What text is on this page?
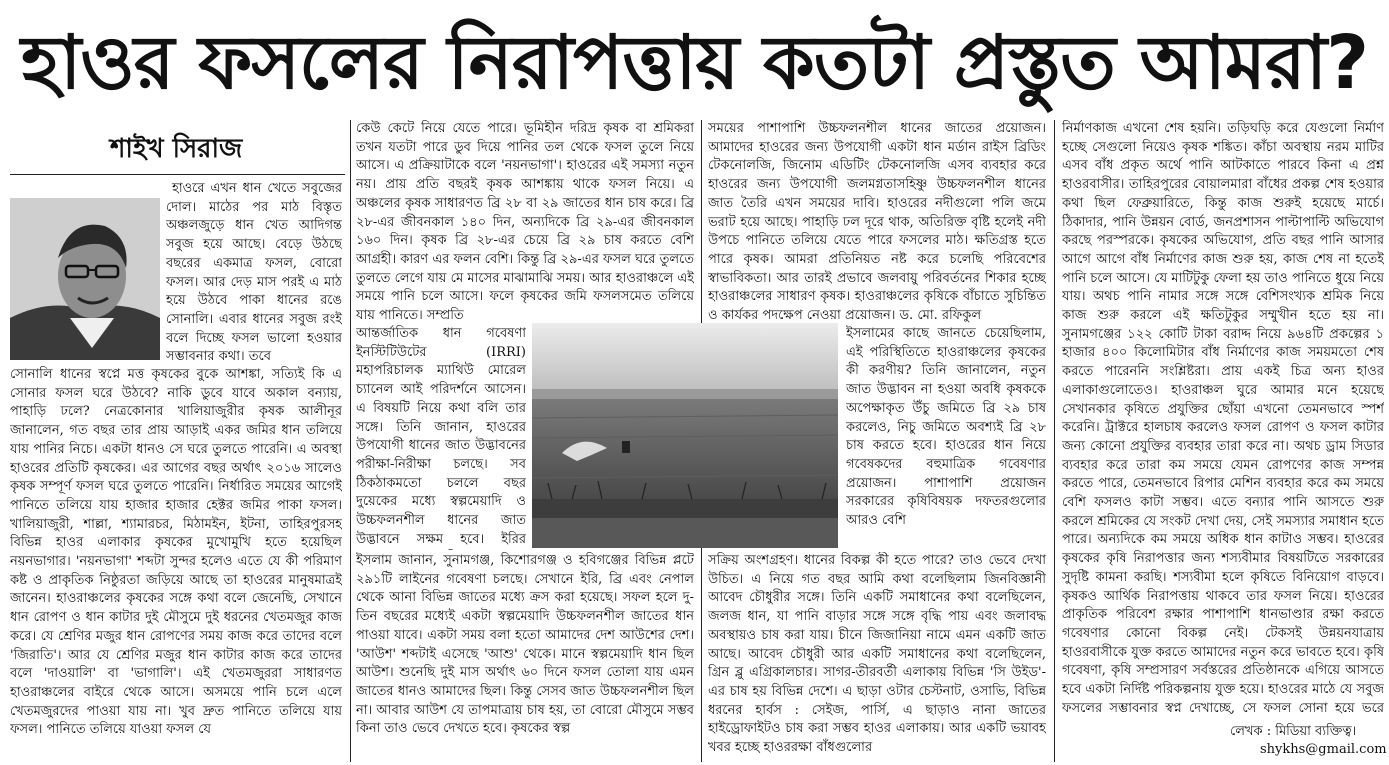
হাওর ফসলের নিরাপত্তায় কতটা প্রস্তুত আমরা?
শাইখ সিরাজ

হাওরে এখন ধান খেতে সবুজের দোল। মাঠের পর মাঠ বিস্তৃত অঞ্চলজুড়ে ধান খেত আদিগন্ত সবুজ হয়ে আছে। বেড়ে উঠছে বছরের একমাত্র ফসল, বোরো ফসল। আর দেড় মাস পরই এ মাঠ হয়ে উঠবে পাকা ধানের রঙে সোনালি। এবার ধানের সবুজ রংই বলে দিচ্ছে ফসল ভালো হওয়ার সম্ভাবনার কথা। তবে

সোনালি ধানের স্বপ্নে মত্ত কৃষকের বুকে আশঙ্কা, সত্যিই কি এ সোনার ফসল ঘরে উঠবে? নাকি ডুবে যাবে অকাল বন্যায়, পাহাড়ি ঢলে? নেত্রকোনার খালিয়াজুরীর কৃষক আলীনূর জানালেন, গত বছর তার প্রায় আড়াই একর জমির ধান তলিয়ে যায় পানির নিচে। একটা ধানও সে ঘরে তুলতে পারেনি। এ অবস্থা হাওরের প্রতিটি কৃষকের। এর আগের বছর অর্থাৎ ২০১৬ সালেও কৃষক সম্পূর্ণ ফসল ঘরে তুলতে পারেনি। নির্ধারিত সময়ের আগেই পানিতে তলিয়ে যায় হাজার হাজার হেক্টর জমির পাকা ফসল। খালিয়াজুরী, শাল্লা, শ্যামারচর, মিঠামইন, ইটনা, তাহিরপুরসহ বিভিন্ন হাওর এলাকার কৃষকের মুখোমুখি হতে হয়েছিল নয়নভাগার। 'নয়নভাগা' শব্দটা সুন্দর হলেও এতে যে কী পরিমাণ কষ্ট ও প্রাকৃতিক নিষ্ঠুরতা জড়িয়ে আছে তা হাওরের মানুষমাত্রই জানেন। হাওরাঞ্চলের কৃষকের সঙ্গে কথা বলে জেনেছি, সেখানে ধান রোপণ ও ধান কাটার দুই মৌসুমে দুই ধরনের খেতমজুর কাজ করে। যে শ্রেণির মজুর ধান রোপণের সময় কাজ করে তাদের বলে 'জিরাতি'। আর যে শ্রেণির মজুর ধান কাটার কাজ করে তাদের বলে 'দাওয়ালি' বা 'ভাগালি'। এই খেতমজুররা সাধারণত হাওরাঞ্চলের বাইরে থেকে আসে। অসময়ে পানি চলে এলে খেতমজুরদের পাওয়া যায় না। খুব দ্রুত পানিতে তলিয়ে যায় ফসল। পানিতে তলিয়ে যাওয়া ফসল যে

কেউ কেটে নিয়ে যেতে পারে। ভূমিহীন দরিদ্র কৃষক বা শ্রমিকরা তখন যতটা পারে ডুব দিয়ে পানির তল থেকে ফসল তুলে নিয়ে আসে। এ প্রক্রিয়াটাকে বলে 'নয়নভাগা'। হাওরের এই সমস্যা নতুন নয়। প্রায় প্রতি বছরই কৃষক আশঙ্কায় থাকে ফসল নিয়ে। এ অঞ্চলের কৃষক সাধারণত ব্রি ২৮ বা ২৯ জাতের ধান চাষ করে। ব্রি ২৮-এর জীবনকাল ১৪০ দিন, অন্যদিকে ব্রি ২৯-এর জীবনকাল ১৬০ দিন। কৃষক ব্রি ২৮-এর চেয়ে ব্রি ২৯ চাষ করতে বেশি আগ্রহী। কারণ এর ফলন বেশি। কিন্তু ব্রি ২৯-এর ফসল ঘরে তুলতে তুলতে লেগে যায় মে মাসের মাঝামাঝি সময়। আর হাওরাঞ্চলে এই সময়ে পানি চলে আসে। ফলে কৃষকের জমি ফসলসমেত তলিয়ে যায় পানিতে। সম্প্রতি

আন্তর্জাতিক ধান গবেষণা ইনস্টিটিউটের (IRRI) মহাপরিচালক ম্যাথিউ মোরেল চ্যানেল আই পরিদর্শনে আসেন। এ বিষয়টি নিয়ে কথা বলি তার সঙ্গে। তিনি জানান, হাওরের উপযোগী ধানের জাত উদ্ভাবনের পরীক্ষা-নিরীক্ষা চলছে। সব ঠিকঠাকমতো চললে বছর দুয়েকের মধ্যে স্বল্পমেয়াদি ও উচ্চফলনশীল ধানের জাত উদ্ভাবনে সক্ষম হবে। ইরির

ইসলাম জানান, সুনামগঞ্জ, কিশোরগঞ্জ ও হবিগঞ্জের বিভিন্ন প্লটে ২৯১টি লাইনের গবেষণা চলছে। সেখানে ইরি, ব্রি এবং নেপাল থেকে আনা বিভিন্ন জাতের মধ্যে ক্রস করা হয়েছে। সফল হলে দু-তিন বছরের মধ্যেই একটা স্বল্পমেয়াদি উচ্চফলনশীল জাতের ধান পাওয়া যাবে। একটা সময় বলা হতো আমাদের দেশ আউশের দেশ। 'আউশ' শব্দটাই এসেছে 'আশু' থেকে। মানে স্বল্পমেয়াদি ধান ছিল আউশ। শুনেছি দুই মাস অর্থাৎ ৬০ দিনে ফসল তোলা যায় এমন জাতের ধানও আমাদের ছিল। কিন্তু সেসব জাত উচ্চফলনশীল ছিল না। আবার আউশ যে তাপমাত্রায় চাষ হয়, তা বোরো মৌসুমে সম্ভব কিনা তাও ভেবে দেখতে হবে। কৃষকের স্বল্প

সময়ের পাশাপাশি উচ্চফলনশীল ধানের জাতের প্রয়োজন। আমাদের হাওরের জন্য উপযোগী একটা ধান মর্ডান রাইস ব্রিডিং টেকনোলজি, জিনোম এডিটিং টেকনোলজি এসব ব্যবহার করে হাওরের জন্য উপযোগী জলমগ্নতাসহিষ্ণু উচ্চফলনশীল ধানের জাত তৈরি এখন সময়ের দাবি। হাওরের নদীগুলো পলি জমে ভরাট হয়ে আছে। পাহাড়ি ঢল দূরে থাক, অতিরিক্ত বৃষ্টি হলেই নদী উপচে পানিতে তলিয়ে যেতে পারে ফসলের মাঠ। ক্ষতিগ্রস্ত হতে পারে কৃষক। আমরা প্রতিনিয়ত নষ্ট করে চলেছি পরিবেশের স্বাভাবিকতা। আর তারই প্রভাবে জলবায়ু পরিবর্তনের শিকার হচ্ছে হাওরাঞ্চলের সাধারণ কৃষক। হাওরাঞ্চলের কৃষিকে বাঁচাতে সুচিন্তিত ও কার্যকর পদক্ষেপ নেওয়া প্রয়োজন। ড. মো. রফিকুল

ইসলামের কাছে জানতে চেয়েছিলাম, এই পরিস্থিতিতে হাওরাঞ্চলের কৃষকের কী করণীয়? তিনি জানালেন, নতুন জাত উদ্ভাবন না হওয়া অবধি কৃষককে অপেক্ষাকৃত উঁচু জমিতে ব্রি ২৯ চাষ করলেও, নিচু জমিতে অবশ্যই ব্রি ২৮ চাষ করতে হবে। হাওরের ধান নিয়ে গবেষকদের বহুমাত্রিক গবেষণার প্রয়োজন। পাশাপাশি প্রয়োজন সরকারের কৃষিবিষয়ক দফতরগুলোর আরও বেশি

সক্রিয় অংশগ্রহণ। ধানের বিকল্প কী হতে পারে? তাও ভেবে দেখা উচিত। এ নিয়ে গত বছর আমি কথা বলেছিলাম জিনবিজ্ঞানী আবেদ চৌধুরীর সঙ্গে। তিনি একটি সমাধানের কথা বলেছিলেন, জলজ ধান, যা পানি বাড়ার সঙ্গে সঙ্গে বৃদ্ধি পায় এবং জলাবদ্ধ অবস্থায়ও চাষ করা যায়। চীনে জিজানিয়া নামে এমন একটি জাত আছে। আবেদ চৌধুরী আর একটি সমাধানের কথা বলেছিলেন, গ্রিন ব্লু এগ্রিকালচার। সাগর-তীরবর্তী এলাকায় বিভিন্ন 'সি উইড'-এর চাষ হয় বিভিন্ন দেশে। এ ছাড়া ওটার চেস্টনাট, ওসাভি, বিভিন্ন ধরনের হার্বস : সেইজ, পার্সি, এ ছাড়াও নানা জাতের হাইড্রোফাইটও চাষ করা সম্ভব হাওর এলাকায়। আর একটি ভয়াবহ খবর হচ্ছে হাওররক্ষা বাঁধগুলোর

নির্মাণকাজ এখনো শেষ হয়নি। তড়িঘড়ি করে যেগুলো নির্মাণ হচ্ছে সেগুলো নিয়েও কৃষক শঙ্কিত। কাঁচা অবস্থায় নরম মাটির এসব বাঁধ প্রকৃত অর্থে পানি আটকাতে পারবে কিনা এ প্রশ্ন হাওরবাসীর। তাহিরপুরের বোয়ালমারা বাঁধের প্রকল্প শেষ হওয়ার কথা ছিল ফেব্রুয়ারিতে, কিন্তু কাজ শুরুই হয়েছে মার্চে। ঠিকাদার, পানি উন্নয়ন বোর্ড, জনপ্রশাসন পাল্টাপাল্টি অভিযোগ করছে পরস্পরকে। কৃষকের অভিযোগ, প্রতি বছর পানি আসার আগে আগে বাঁধ নির্মাণের কাজ শুরু হয়, কাজ শেষ না হতেই পানি চলে আসে। যে মাটিটুকু ফেলা হয় তাও পানিতে ধুয়ে নিয়ে যায়। অথচ পানি নামার সঙ্গে সঙ্গে বেশিসংখ্যক শ্রমিক নিয়ে কাজ শুরু করলে এই ক্ষতিটুকুর সম্মুখীন হতে হয় না। সুনামগঞ্জের ১২২ কোটি টাকা বরাদ্দ নিয়ে ৯৬৪টি প্রকল্পের ১ হাজার ৪০০ কিলোমিটার বাঁধ নির্মাণের কাজ সময়মতো শেষ করতে পারেননি সংশ্লিষ্টরা। প্রায় একই চিত্র অন্য হাওর এলাকাগুলোতেও। হাওরাঞ্চল ঘুরে আমার মনে হয়েছে সেখানকার কৃষিতে প্রযুক্তির ছোঁয়া এখনো তেমনভাবে স্পর্শ করেনি। ট্রাক্টরে হালচাষ করলেও ফসল রোপণ ও ফসল কাটার জন্য কোনো প্রযুক্তির ব্যবহার তারা করে না। অথচ ড্রাম সিডার ব্যবহার করে তারা কম সময়ে যেমন রোপণের কাজ সম্পন্ন করতে পারে, তেমনভাবে রিপার মেশিন ব্যবহার করে কম সময়ে বেশি ফসলও কাটা সম্ভব। এতে বন্যার পানি আসতে শুরু করলে শ্রমিকের যে সংকট দেখা দেয়, সেই সমস্যার সমাধান হতে পারে। অন্যদিকে কম সময়ে অধিক ধান কাটাও সম্ভব। হাওরের কৃষকের কৃষি নিরাপত্তার জন্য শস্যবীমার বিষয়টিতে সরকারের সুদৃষ্টি কামনা করছি। শস্যবীমা হলে কৃষিতে বিনিয়োগ বাড়বে। কৃষকও আর্থিক নিরাপত্তায় থাকবে তার ফসল নিয়ে। হাওরের প্রাকৃতিক পরিবেশ রক্ষার পাশাপাশি ধানভাণ্ডার রক্ষা করতে গবেষণার কোনো বিকল্প নেই। টেকসই উন্নয়নযাত্রায় হাওরবাসীকে যুক্ত করতে আমাদের নতুন করে ভাবতে হবে। কৃষি গবেষণা, কৃষি সম্প্রসারণ সর্বস্তরের প্রতিষ্ঠানকে এগিয়ে আসতে হবে একটা নির্দিষ্ট পরিকল্পনায় যুক্ত হয়ে। হাওরের মাঠে যে সবুজ ফসলের সম্ভাবনার স্বপ্ন দেখাচ্ছে, সে ফসল সোনা হয়ে ভরে

লেখক : মিডিয়া ব্যক্তিত্ব।
shykhs@gmail.com
